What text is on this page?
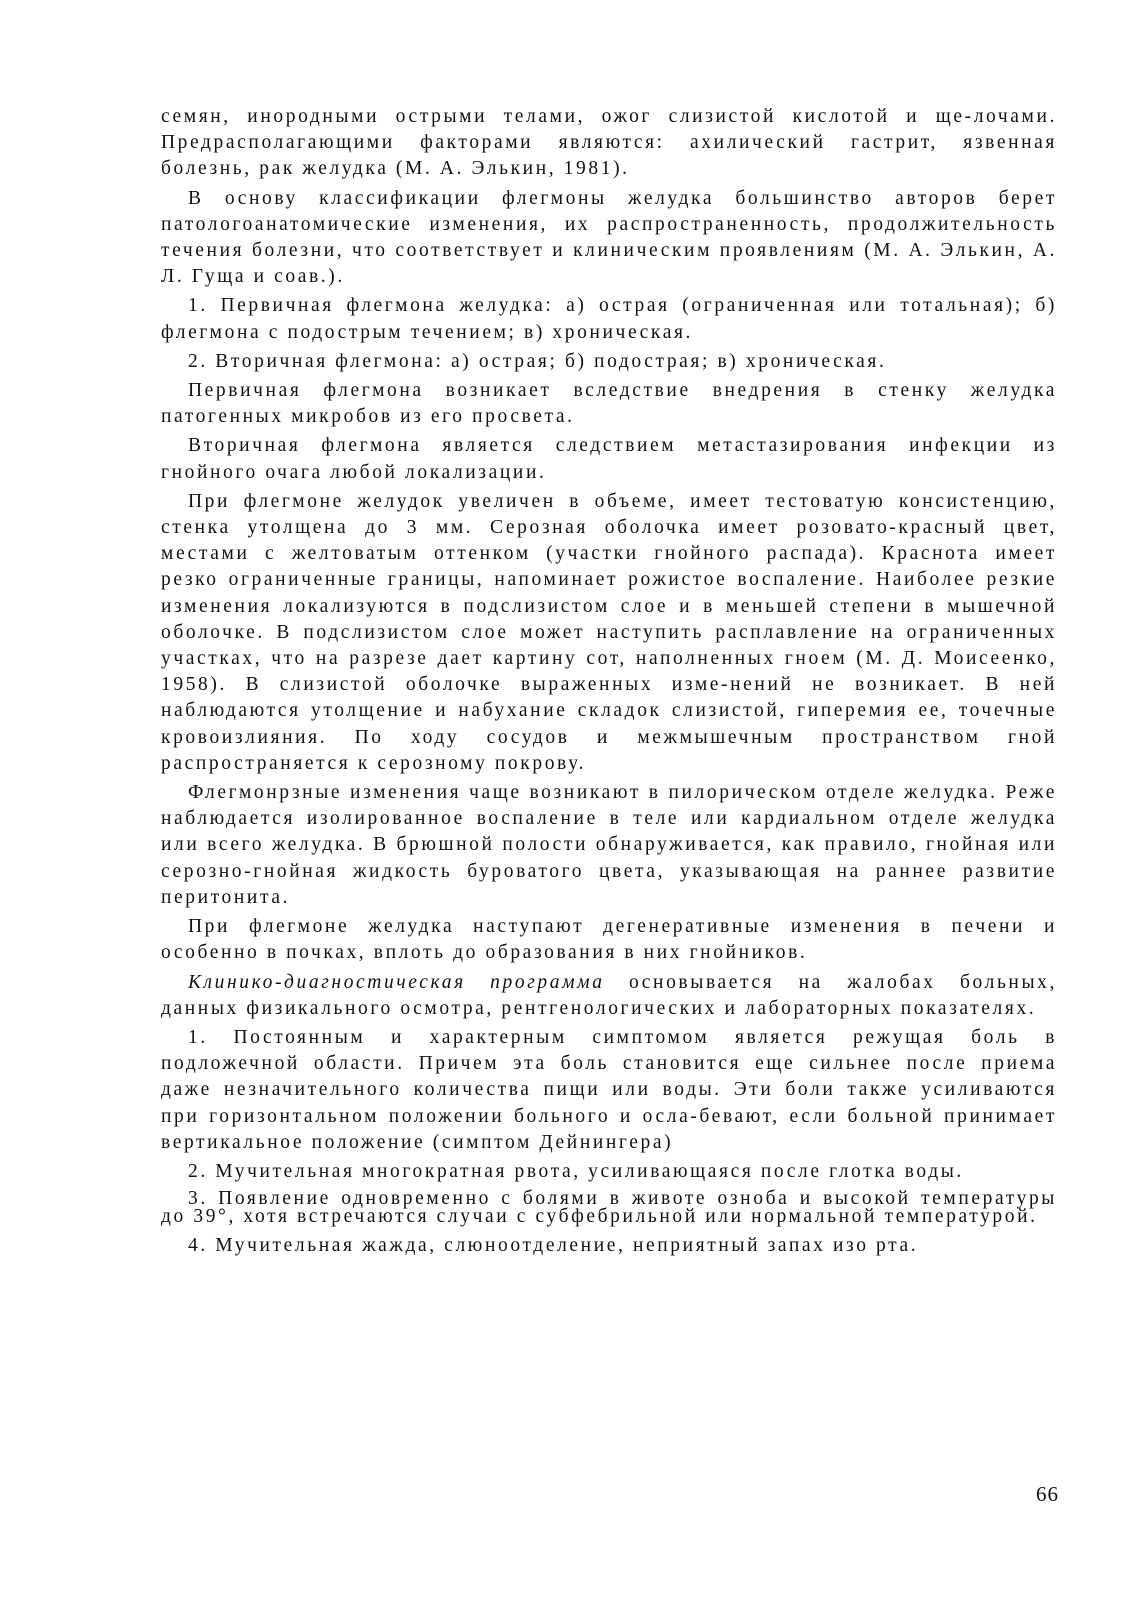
семян, инородными острыми телами, ожог слизистой кислотой и ще-лочами. Предрасполагающими факторами являются: ахилический гастрит, язвенная болезнь, рак желудка (М. А. Элькин, 1981).

В основу классификации флегмоны желудка большинство авторов берет патологоанатомические изменения, их распространенность, продолжительность течения болезни, что соответствует и клиническим проявлениям (М. А. Элькин, А. Л. Гуща и соав.).

1. Первичная флегмона желудка: а) острая (ограниченная или тотальная); б) флегмона с подострым течением; в) хроническая.

2. Вторичная флегмона: а) острая; б) подострая; в) хроническая.

Первичная флегмона возникает вследствие внедрения в стенку желудка патогенных микробов из его просвета.

Вторичная флегмона является следствием метастазирования инфекции из гнойного очага любой локализации.

При флегмоне желудок увеличен в объеме, имеет тестоватую консистенцию, стенка утолщена до 3 мм. Серозная оболочка имеет розовато-красный цвет, местами с желтоватым оттенком (участки гнойного распада). Краснота имеет резко ограниченные границы, напоминает рожистое воспаление. Наиболее резкие изменения локализуются в подслизистом слое и в меньшей степени в мышечной оболочке. В подслизистом слое может наступить расплавление на ограниченных участках, что на разрезе дает картину сот, наполненных гноем (М. Д. Моисеенко, 1958). В слизистой оболочке выраженных изме-нений не возникает. В ней наблюдаются утолщение и набухание складок слизистой, гиперемия ее, точечные кровоизлияния. По ходу сосудов и межмышечным пространством гной распространяется к серозному покрову.

Флегмонрзные изменения чаще возникают в пилорическом отделе желудка. Реже наблюдается изолированное воспаление в теле или кардиальном отделе желудка или всего желудка. В брюшной полости обнаруживается, как правило, гнойная или серозно-гнойная жидкость буроватого цвета, указывающая на раннее развитие перитонита.

При флегмоне желудка наступают дегенеративные изменения в печени и особенно в почках, вплоть до образования в них гнойников.

Клинико-диагностическая программа основывается на жалобах больных, данных физикального осмотра, рентгенологических и лабораторных показателях.

1. Постоянным и характерным симптомом является режущая боль в подложечной области. Причем эта боль становится еще сильнее после приема даже незначительного количества пищи или воды. Эти боли также усиливаются при горизонтальном положении больного и осла-бевают, если больной принимает вертикальное положение (симптом Дейнингера)

2. Мучительная многократная рвота, усиливающаяся после глотка воды.

3. Появление одновременно с болями в животе озноба и высокой температуры до 39°, хотя встречаются случаи с субфебрильной или нормальной температурой.

4. Мучительная жажда, слюноотделение, неприятный запах изо рта.

66
